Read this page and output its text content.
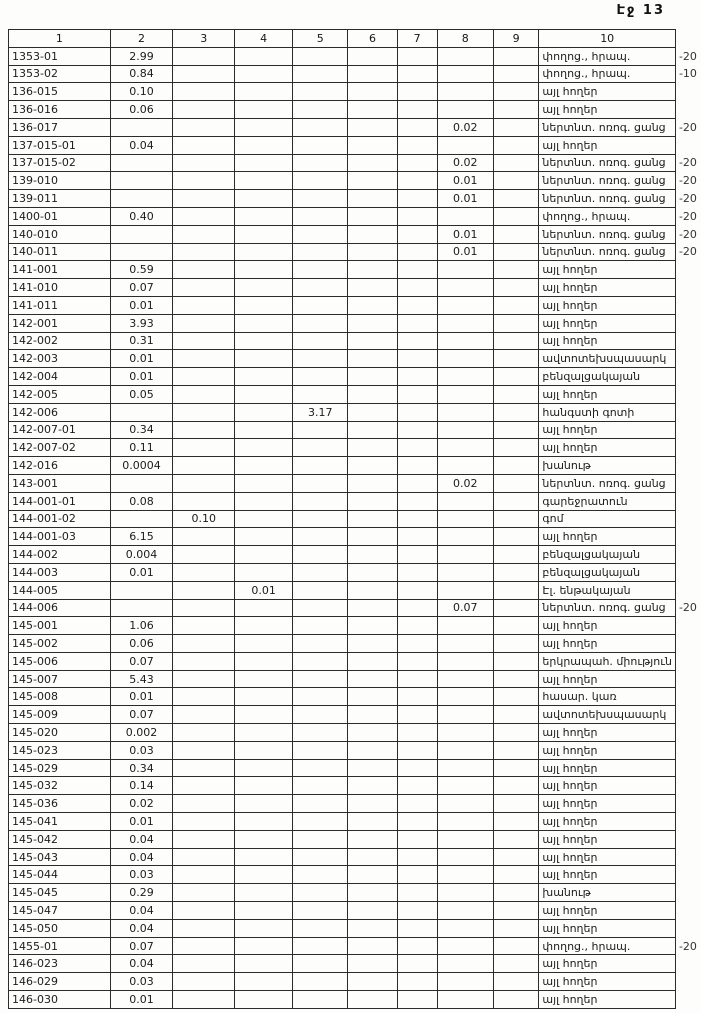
Էջ 13
1	2	3	4	5	6	7	8	9	10	
1353-01	2.99								փողոց., հրապ.	-20
1353-02	0.84								փողոց., հրապ.	-10
136-015	0.10								այլ հողեր	
136-016	0.06								այլ հողեր	
136-017							0.02		ներտնտ. ոռոգ. ցանց	-20
137-015-01	0.04								այլ հողեր	
137-015-02							0.02		ներտնտ. ոռոգ. ցանց	-20
139-010							0.01		ներտնտ. ոռոգ. ցանց	-20
139-011							0.01		ներտնտ. ոռոգ. ցանց	-20
1400-01	0.40								փողոց., հրապ.	-20
140-010							0.01		ներտնտ. ոռոգ. ցանց	-20
140-011							0.01		ներտնտ. ոռոգ. ցանց	-20
141-001	0.59								այլ հողեր	
141-010	0.07								այլ հողեր	
141-011	0.01								այլ հողեր	
142-001	3.93								այլ հողեր	
142-002	0.31								այլ հողեր	
142-003	0.01								ավտոտեխսպասարկ	
142-004	0.01								բենզալցակայան	
142-005	0.05								այլ հողեր	
142-006				3.17					հանգստի գոտի	
142-007-01	0.34								այլ հողեր	
142-007-02	0.11								այլ հողեր	
142-016	0.0004								խանութ	
143-001							0.02		ներտնտ. ոռոգ. ցանց	
144-001-01	0.08								գարեջրատուն	
144-001-02		0.10							գոմ	
144-001-03	6.15								այլ հողեր	
144-002	0.004								բենզալցակայան	
144-003	0.01								բենզալցակայան	
144-005			0.01						Էլ. ենթակայան	
144-006							0.07		ներտնտ. ոռոգ. ցանց	-20
145-001	1.06								այլ հողեր	
145-002	0.06								այլ հողեր	
145-006	0.07								երկրապահ. միություն	
145-007	5.43								այլ հողեր	
145-008	0.01								հասար. կառ	
145-009	0.07								ավտոտեխսպասարկ	
145-020	0.002								այլ հողեր	
145-023	0.03								այլ հողեր	
145-029	0.34								այլ հողեր	
145-032	0.14								այլ հողեր	
145-036	0.02								այլ հողեր	
145-041	0.01								այլ հողեր	
145-042	0.04								այլ հողեր	
145-043	0.04								այլ հողեր	
145-044	0.03								այլ հողեր	
145-045	0.29								խանութ	
145-047	0.04								այլ հողեր	
145-050	0.04								այլ հողեր	
1455-01	0.07								փողոց., հրապ.	-20
146-023	0.04								այլ հողեր	
146-029	0.03								այլ հողեր	
146-030	0.01								այլ հողեր	
